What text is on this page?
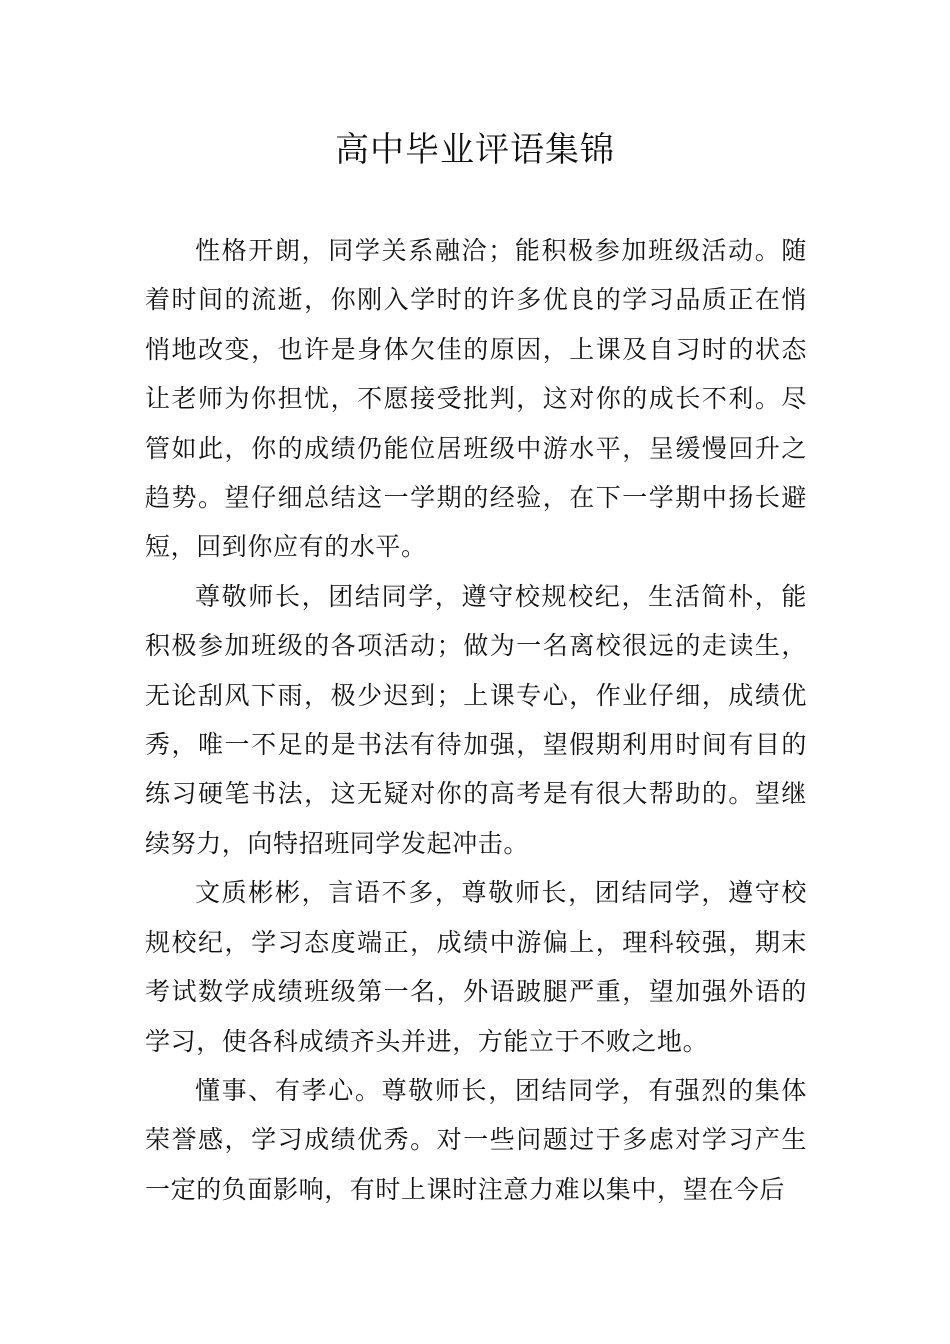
高中毕业评语集锦

性格开朗，同学关系融洽；能积极参加班级活动。随着时间的流逝，你刚入学时的许多优良的学习品质正在悄悄地改变，也许是身体欠佳的原因，上课及自习时的状态让老师为你担忧，不愿接受批判，这对你的成长不利。尽管如此，你的成绩仍能位居班级中游水平，呈缓慢回升之趋势。望仔细总结这一学期的经验，在下一学期中扬长避短，回到你应有的水平。

尊敬师长，团结同学，遵守校规校纪，生活简朴，能积极参加班级的各项活动；做为一名离校很远的走读生，无论刮风下雨，极少迟到；上课专心，作业仔细，成绩优秀，唯一不足的是书法有待加强，望假期利用时间有目的练习硬笔书法，这无疑对你的高考是有很大帮助的。望继续努力，向特招班同学发起冲击。

文质彬彬，言语不多，尊敬师长，团结同学，遵守校规校纪，学习态度端正，成绩中游偏上，理科较强，期末考试数学成绩班级第一名，外语跛腿严重，望加强外语的学习，使各科成绩齐头并进，方能立于不败之地。

懂事、有孝心。尊敬师长，团结同学，有强烈的集体荣誉感，学习成绩优秀。对一些问题过于多虑对学习产生一定的负面影响，有时上课时注意力难以集中，望在今后
